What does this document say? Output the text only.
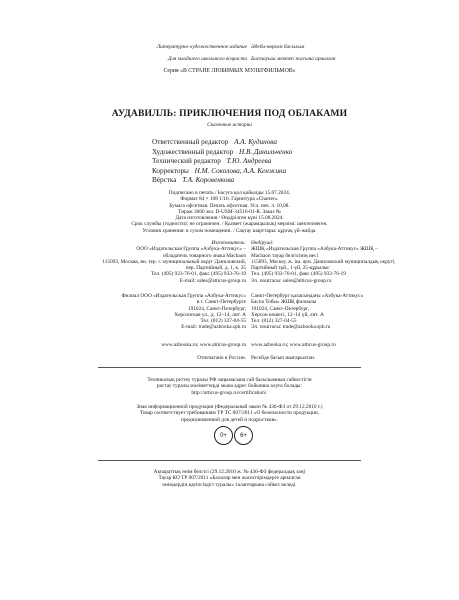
Литературно-художественное издание Әдеби-көркем басылым
Для младшего школьного возраста Бастауыш мектеп жасына арналған
Серия «В СТРАНЕ ЛЮБИМЫХ МУЛЬТФИЛЬМОВ»
АУДАВИЛЛЬ: ПРИКЛЮЧЕНИЯ ПОД ОБЛАКАМИ
Сказочные истории
Ответственный редактор А.А. Кудинова
Художественный редактор Н.В. Данильченко
Технический редактор Т.Ю. Андреева
Корректоры Н.М. Соколова, А.А. Кенжина
Вёрстка Т.А. Коровенкова
Подписано в печать / Басуға қол қойылды 15.07.2024.
Формат 84 × 108 1/16. Гарнитура «Charter».
Бумага офсетная. Печать офсетная. Усл. печ. л. 10,08.
Тираж 3000 экз. D-USM-34516-01-R. Заказ №
Дата изготовления / Өндірілген күні 15.08.2024.
Срок службы (годности): не ограничен. / Қызмет (жарамдылық) мерзімі: шектелмеген.
Условия хранения: в сухом помещении. / Сақтау шарттары: құрғақ үй-жайда.
Изготовитель:
ООО «Издательская Группа «Азбука-Аттикус» –
обладатель товарного знака Machaon
115093, Москва, вн. тер. г. муниципальный округ Даниловский,
пер. Партийный, д. 1, к. 25
Тел. (495) 933-76-01, факс (495) 933-76-19
E-mail: sales@atticus-group.ru
Өндіруші:
ЖШҚ «Издательская Группа «Азбука-Аттикус» ЖШҚ –
Machaon тауар белгісінің иесі
115093, Мәскеу, ж. іш. аум. Даниловский муниципалдық округі,
Партийный тұй., 1-үй, 25-құрылыс
Тел. (495) 933-76-01, факс (495) 933-76-19
Эл. поштасы: sales@atticus-group.ru
Филиал ООО «Издательская Группа «Азбука-Аттикус»
в г. Санкт-Петербурге
191024, Санкт-Петербург,
Херсонская ул., д. 12–14, лит. А
Тел. (812) 327-04-55
E-mail: trade@azbooka.spb.ru
Санкт-Петербург қаласындағы «Азбука-Аттикус»
Баспа Тобы» ЖШҚ филиалы
191024, Санкт-Петербург,
Херсон көшесі, 12–14 үй, лит. А
Тел. (812) 327-04-55
Эл. поштасы: trade@azbooka.spb.ru
www.azbooka.ru; www.atticus-group.ru www.azbooka.ru; www.atticus-group.ru
Отпечатано в России. Ресейде басып шығарылған.
Техникалық реттеу туралы РФ заңымасына сай басылымның сәйкестігін
растау туралы мәліметтерді мына адрес бойынша алуға болады:
http://atticus-group.ru/certification/.
Знак информационной продукции (Федеральный закон № 436-ФЗ от 29.12.2010 г.)
Товар соответствует требованиям ТР ТС 007/2011 «О безопасности продукции,
предназначенной для детей и подростков».
0+	6+
Ақпараттық өнім белгісі (29.12.2010 ж. № 436-ФЗ федералдық заң)
Тауар КО ТР 007/2011 «Балалар мен жасөспірімдерге арналған
өнімдердің қауіпсіздігі туралы» талаптарына сәйкес келеді.
